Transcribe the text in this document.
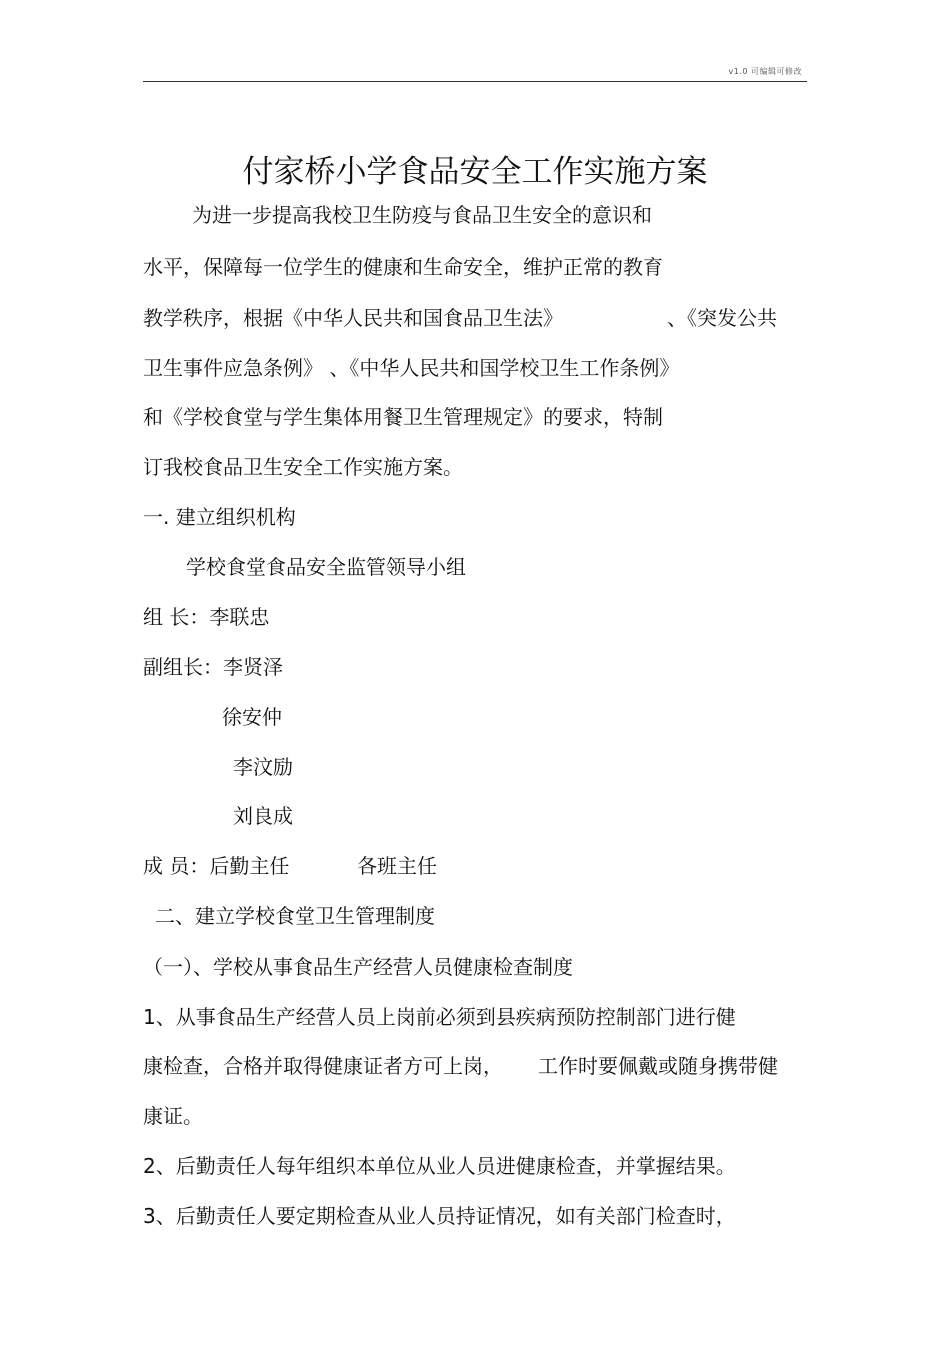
v1.0 可编辑可修改
付家桥小学食品安全工作实施方案
为进一步提高我校卫生防疫与食品卫生安全的意识和
水平，保障每一位学生的健康和生命安全，维护正常的教育
教学秩序，根据《中华人民共和国食品卫生法》	、《突发公共
卫生事件应急条例》 、《中华人民共和国学校卫生工作条例》
和《学校食堂与学生集体用餐卫生管理规定》的要求，特制
订我校食品卫生安全工作实施方案。
一. 建立组织机构
学校食堂食品安全监管领导小组
组 长：李联忠
副组长：李贤泽
徐安仲
李汶励
刘良成
成 员：后勤主任	各班主任
二、建立学校食堂卫生管理制度
（一）、学校从事食品生产经营人员健康检查制度
1、从事食品生产经营人员上岗前必须到县疾病预防控制部门进行健
康检查，合格并取得健康证者方可上岗， 工作时要佩戴或随身携带健
康证。
2、后勤责任人每年组织本单位从业人员进健康检查，并掌握结果。
3、后勤责任人要定期检查从业人员持证情况，如有关部门检查时，
